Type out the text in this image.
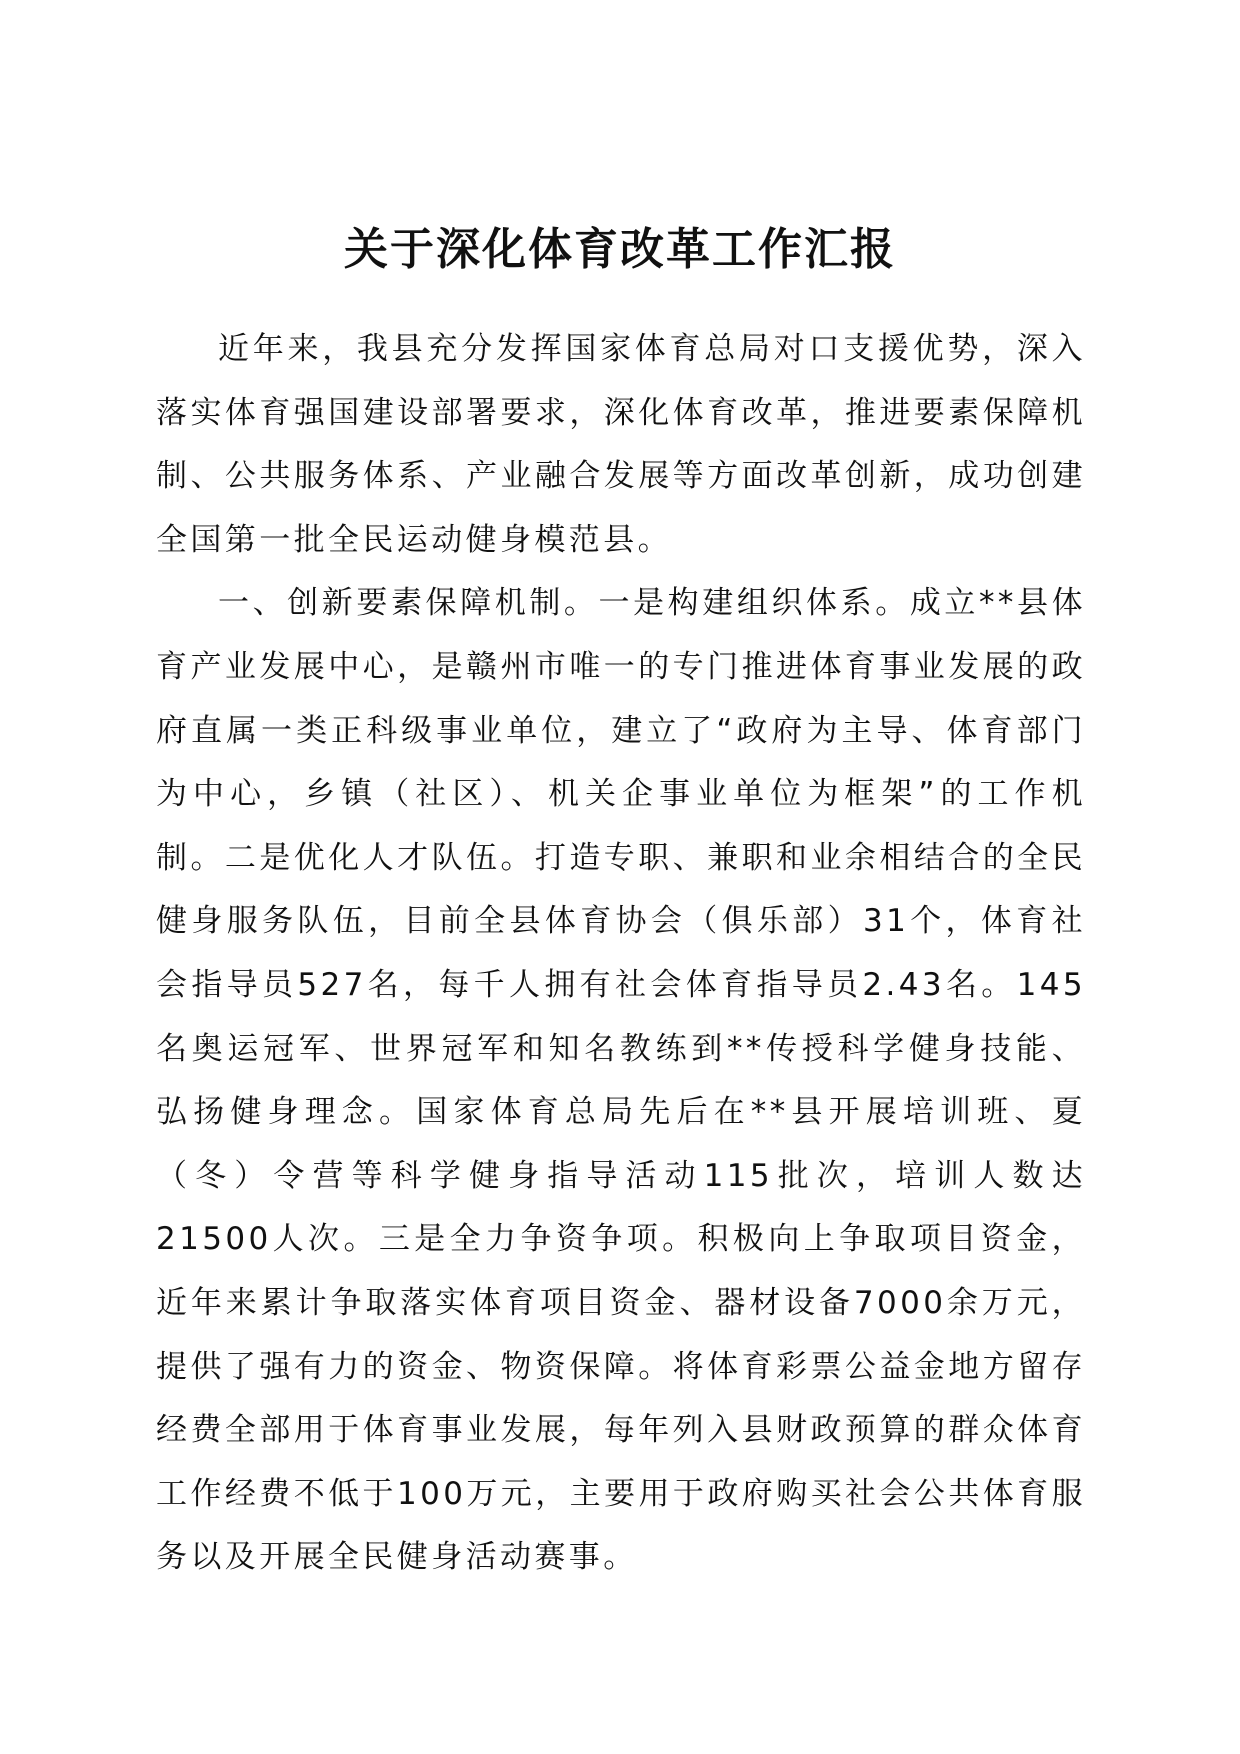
关于深化体育改革工作汇报

近年来，我县充分发挥国家体育总局对口支援优势，深入落实体育强国建设部署要求，深化体育改革，推进要素保障机制、公共服务体系、产业融合发展等方面改革创新，成功创建全国第一批全民运动健身模范县。

一、创新要素保障机制。一是构建组织体系。成立**县体育产业发展中心，是赣州市唯一的专门推进体育事业发展的政府直属一类正科级事业单位，建立了“政府为主导、体育部门为中心，乡镇（社区）、机关企事业单位为框架”的工作机制。二是优化人才队伍。打造专职、兼职和业余相结合的全民健身服务队伍，目前全县体育协会（俱乐部）31个，体育社会指导员527名，每千人拥有社会体育指导员2.43名。145名奥运冠军、世界冠军和知名教练到**传授科学健身技能、弘扬健身理念。国家体育总局先后在**县开展培训班、夏（冬）令营等科学健身指导活动115批次，培训人数达21500人次。三是全力争资争项。积极向上争取项目资金，近年来累计争取落实体育项目资金、器材设备7000余万元，提供了强有力的资金、物资保障。将体育彩票公益金地方留存经费全部用于体育事业发展，每年列入县财政预算的群众体育工作经费不低于100万元，主要用于政府购买社会公共体育服务以及开展全民健身活动赛事。
